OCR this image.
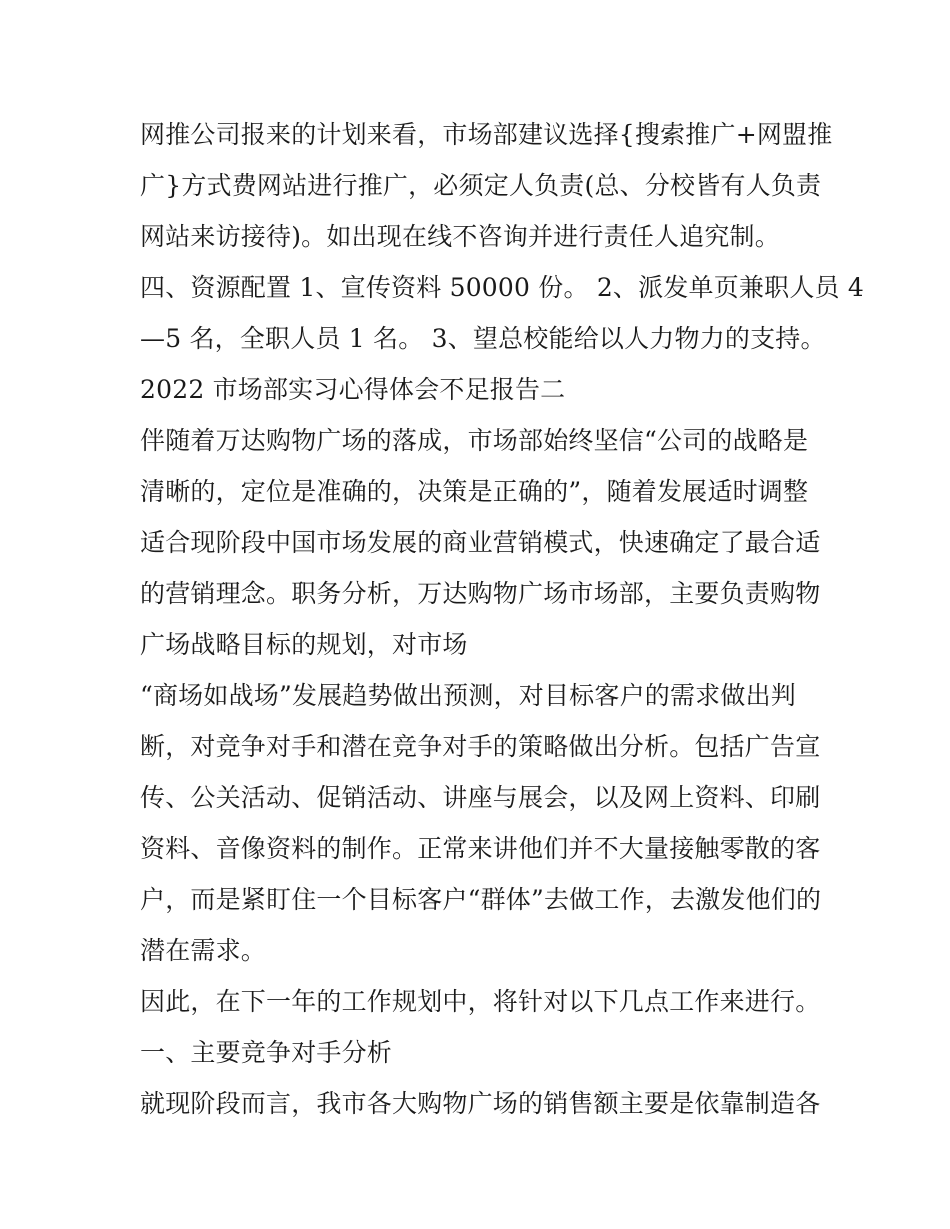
网推公司报来的计划来看，市场部建议选择{搜索推广+网盟推
广}方式费网站进行推广，必须定人负责(总、分校皆有人负责
网站来访接待)。如出现在线不咨询并进行责任人追究制。
四、资源配置 1、宣传资料 50000 份。 2、派发单页兼职人员 4
—5 名，全职人员 1 名。 3、望总校能给以人力物力的支持。
2022 市场部实习心得体会不足报告二
伴随着万达购物广场的落成，市场部始终坚信“公司的战略是
清晰的，定位是准确的，决策是正确的”，随着发展适时调整
适合现阶段中国市场发展的商业营销模式，快速确定了最合适
的营销理念。职务分析，万达购物广场市场部，主要负责购物
广场战略目标的规划，对市场
“商场如战场”发展趋势做出预测，对目标客户的需求做出判
断，对竞争对手和潜在竞争对手的策略做出分析。包括广告宣
传、公关活动、促销活动、讲座与展会，以及网上资料、印刷
资料、音像资料的制作。正常来讲他们并不大量接触零散的客
户，而是紧盯住一个目标客户“群体”去做工作，去激发他们的
潜在需求。
因此，在下一年的工作规划中，将针对以下几点工作来进行。
一、主要竞争对手分析
就现阶段而言，我市各大购物广场的销售额主要是依靠制造各
